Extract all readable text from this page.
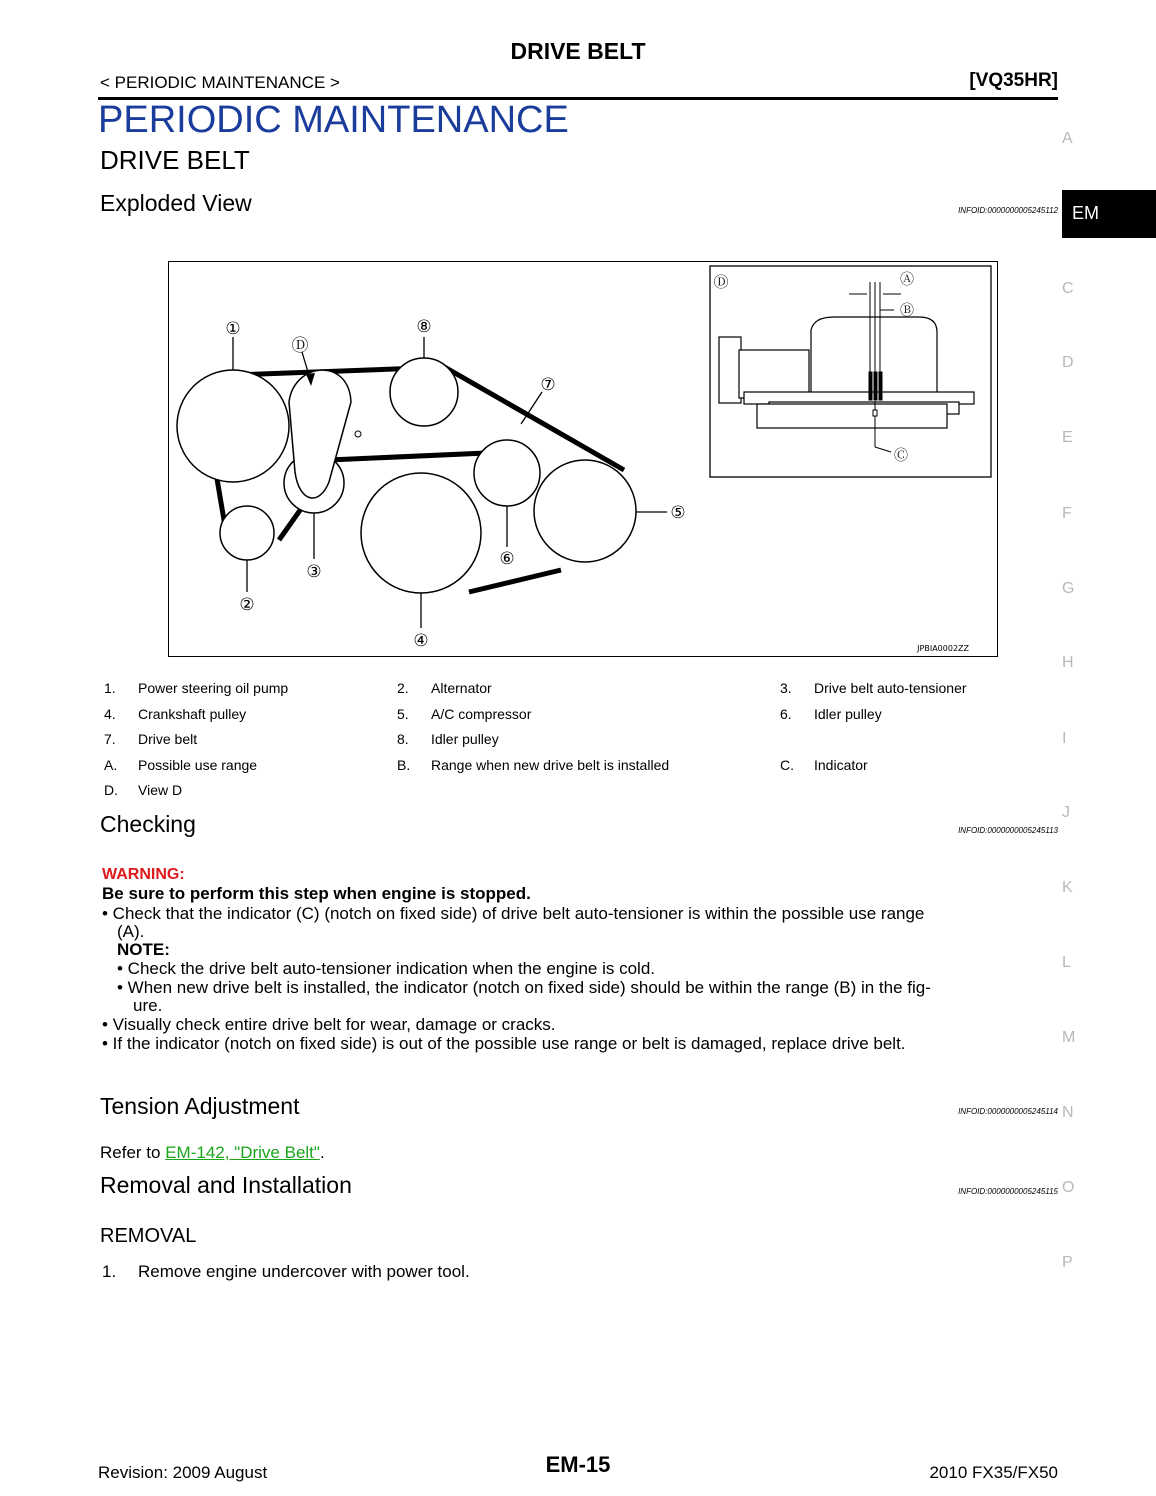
DRIVE BELT
< PERIODIC MAINTENANCE >	[VQ35HR]
PERIODIC MAINTENANCE
DRIVE BELT
A
EM
C
D
E
F
G
H
I
J
K
L
M
N
O
P
Exploded View	INFOID:0000000005245112
①
②
③
④
⑤
⑥
⑦
⑧
Ⓓ
Ⓓ	Ⓐ
Ⓑ
Ⓒ
JPBIA0002ZZ
1. Power steering oil pump	2. Alternator	3. Drive belt auto-tensioner
4. Crankshaft pulley	5. A/C compressor	6. Idler pulley
7. Drive belt	8. Idler pulley
A. Possible use range	B. Range when new drive belt is installed	C. Indicator
D. View D
Checking	INFOID:0000000005245113
WARNING:
Be sure to perform this step when engine is stopped.
• Check that the indicator (C) (notch on fixed side) of drive belt auto-tensioner is within the possible use range
(A).
NOTE:
• Check the drive belt auto-tensioner indication when the engine is cold.
• When new drive belt is installed, the indicator (notch on fixed side) should be within the range (B) in the fig-
ure.
• Visually check entire drive belt for wear, damage or cracks.
• If the indicator (notch on fixed side) is out of the possible use range or belt is damaged, replace drive belt.
Tension Adjustment	INFOID:0000000005245114
Refer to EM-142, "Drive Belt".
Removal and Installation	INFOID:0000000005245115
REMOVAL
1. Remove engine undercover with power tool.
Revision: 2009 August	EM-15	2010 FX35/FX50
